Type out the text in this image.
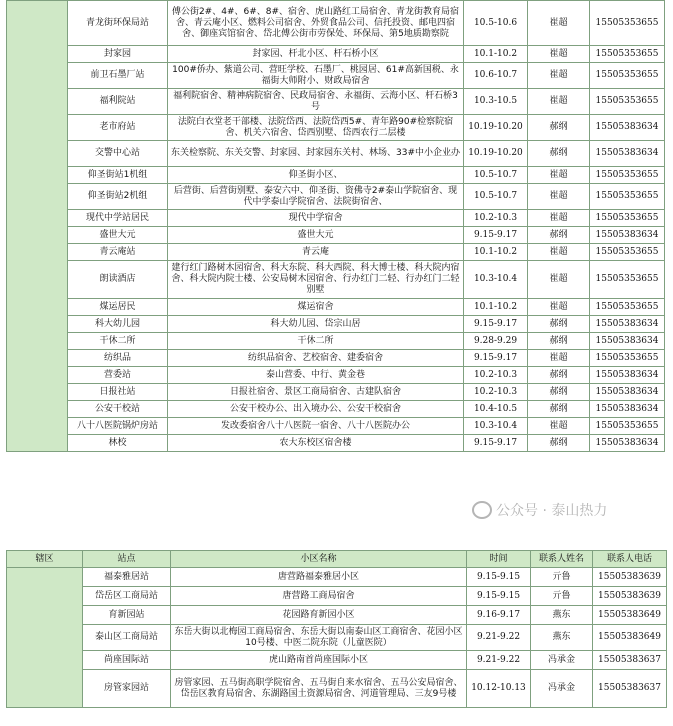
	青龙街环保局站	傅公街2#、4#、6#、8#、宿舍、虎山路红工局宿舍、青龙街教育局宿舍、青云庵小区、燃料公司宿舍、外贸食品公司、信托投资、邮电四宿舍、御座宾馆宿舍、岱北傅公街市劳保处、环保局、第5地质勘察院	10.5-10.6	崔超	15505353655
	封家园	封家园、杆北小区、杆石桥小区	10.1-10.2	崔超	15505353655
	前卫石墨厂站	100#侨办、紫道公司、营旺学校、石墨厂、桃园居、61#高新国税、永福街大师附小、财政局宿舍	10.6-10.7	崔超	15505353655
	福利院站	福利院宿舍、精神病院宿舍、民政局宿舍、永福街、云海小区、杆石桥3号	10.3-10.5	崔超	15505353655
	老市府站	法院白衣堂老干部楼、法院岱西、法院岱西5#、青年路90#检察院宿舍、机关六宿舍、岱西别墅、岱西农行二层楼	10.19-10.20	郝纲	15505383634
	交警中心站	东关检察院、东关交警、封家园、封家园东关村、林场、33#中小企业办	10.19-10.20	郝纲	15505383634
	仰圣街站1机组	仰圣街小区、	10.5-10.7	崔超	15505353655
	仰圣街站2机组	后营街、后营街别墅、泰安六中、仰圣街、资佛寺2#泰山学院宿舍、现代中学泰山学院宿舍、法院街宿舍、	10.5-10.7	崔超	15505353655
	现代中学站居民	现代中学宿舍	10.2-10.3	崔超	15505353655
	盛世大元	盛世大元	9.15-9.17	郝纲	15505383634
	青云庵站	青云庵	10.1-10.2	崔超	15505353655
	朗读酒店	建行红门路树木园宿舍、科大东院、科大西院、科大博士楼、科大院内宿舍、科大院内院士楼、公安局树木园宿舍、行办红门二轻、行办红门二轻别墅	10.3-10.4	崔超	15505353655
	煤运居民	煤运宿舍	10.1-10.2	崔超	15505353655
	科大幼儿园	科大幼儿园、岱宗山居	9.15-9.17	郝纲	15505383634
	干休二所	干休二所	9.28-9.29	郝纲	15505383634
	纺织品	纺织品宿舍、艺校宿舍、建委宿舍	9.15-9.17	崔超	15505353655
	营委站	泰山营委、中行、黄金巷	10.2-10.3	郝纲	15505383634
	日报社站	日报社宿舍、景区工商局宿舍、古建队宿舍	10.2-10.3	郝纲	15505383634
	公安干校站	公安干校办公、出入境办公、公安干校宿舍	10.4-10.5	郝纲	15505383634
	八十八医院锅炉房站	发改委宿舍八十八医院一宿舍、八十八医院办公	10.3-10.4	崔超	15505353655
	林校	农大东校区宿舍楼	9.15-9.17	郝纲	15505383634
辖区	站点	小区名称	时间	联系人姓名	联系人电话
	福泰雅居站	唐营路福泰雅居小区	9.15-9.15	亓鲁	15505383639
	岱岳区工商局站	唐营路工商局宿舍	9.15-9.15	亓鲁	15505383639
	育新园站	花园路育新园小区	9.16-9.17	燕东	15505383649
	泰山区工商局站	东岳大街以北梅园工商局宿舍、东岳大街以南泰山区工商宿舍、花园小区10号楼、中医二院东院（儿童医院）	9.21-9.22	燕东	15505383649
	尚座国际站	虎山路南首尚座国际小区	9.21-9.22	冯承金	15505383637
	房管家园站	房管家园、五马街高职学院宿舍、五马街自来水宿舍、五马公安局宿舍、岱岳区教育局宿舍、东湖路国土资源局宿舍、河道管理局、三友9号楼	10.12-10.13	冯承金	15505383637
公众号 · 泰山热力
